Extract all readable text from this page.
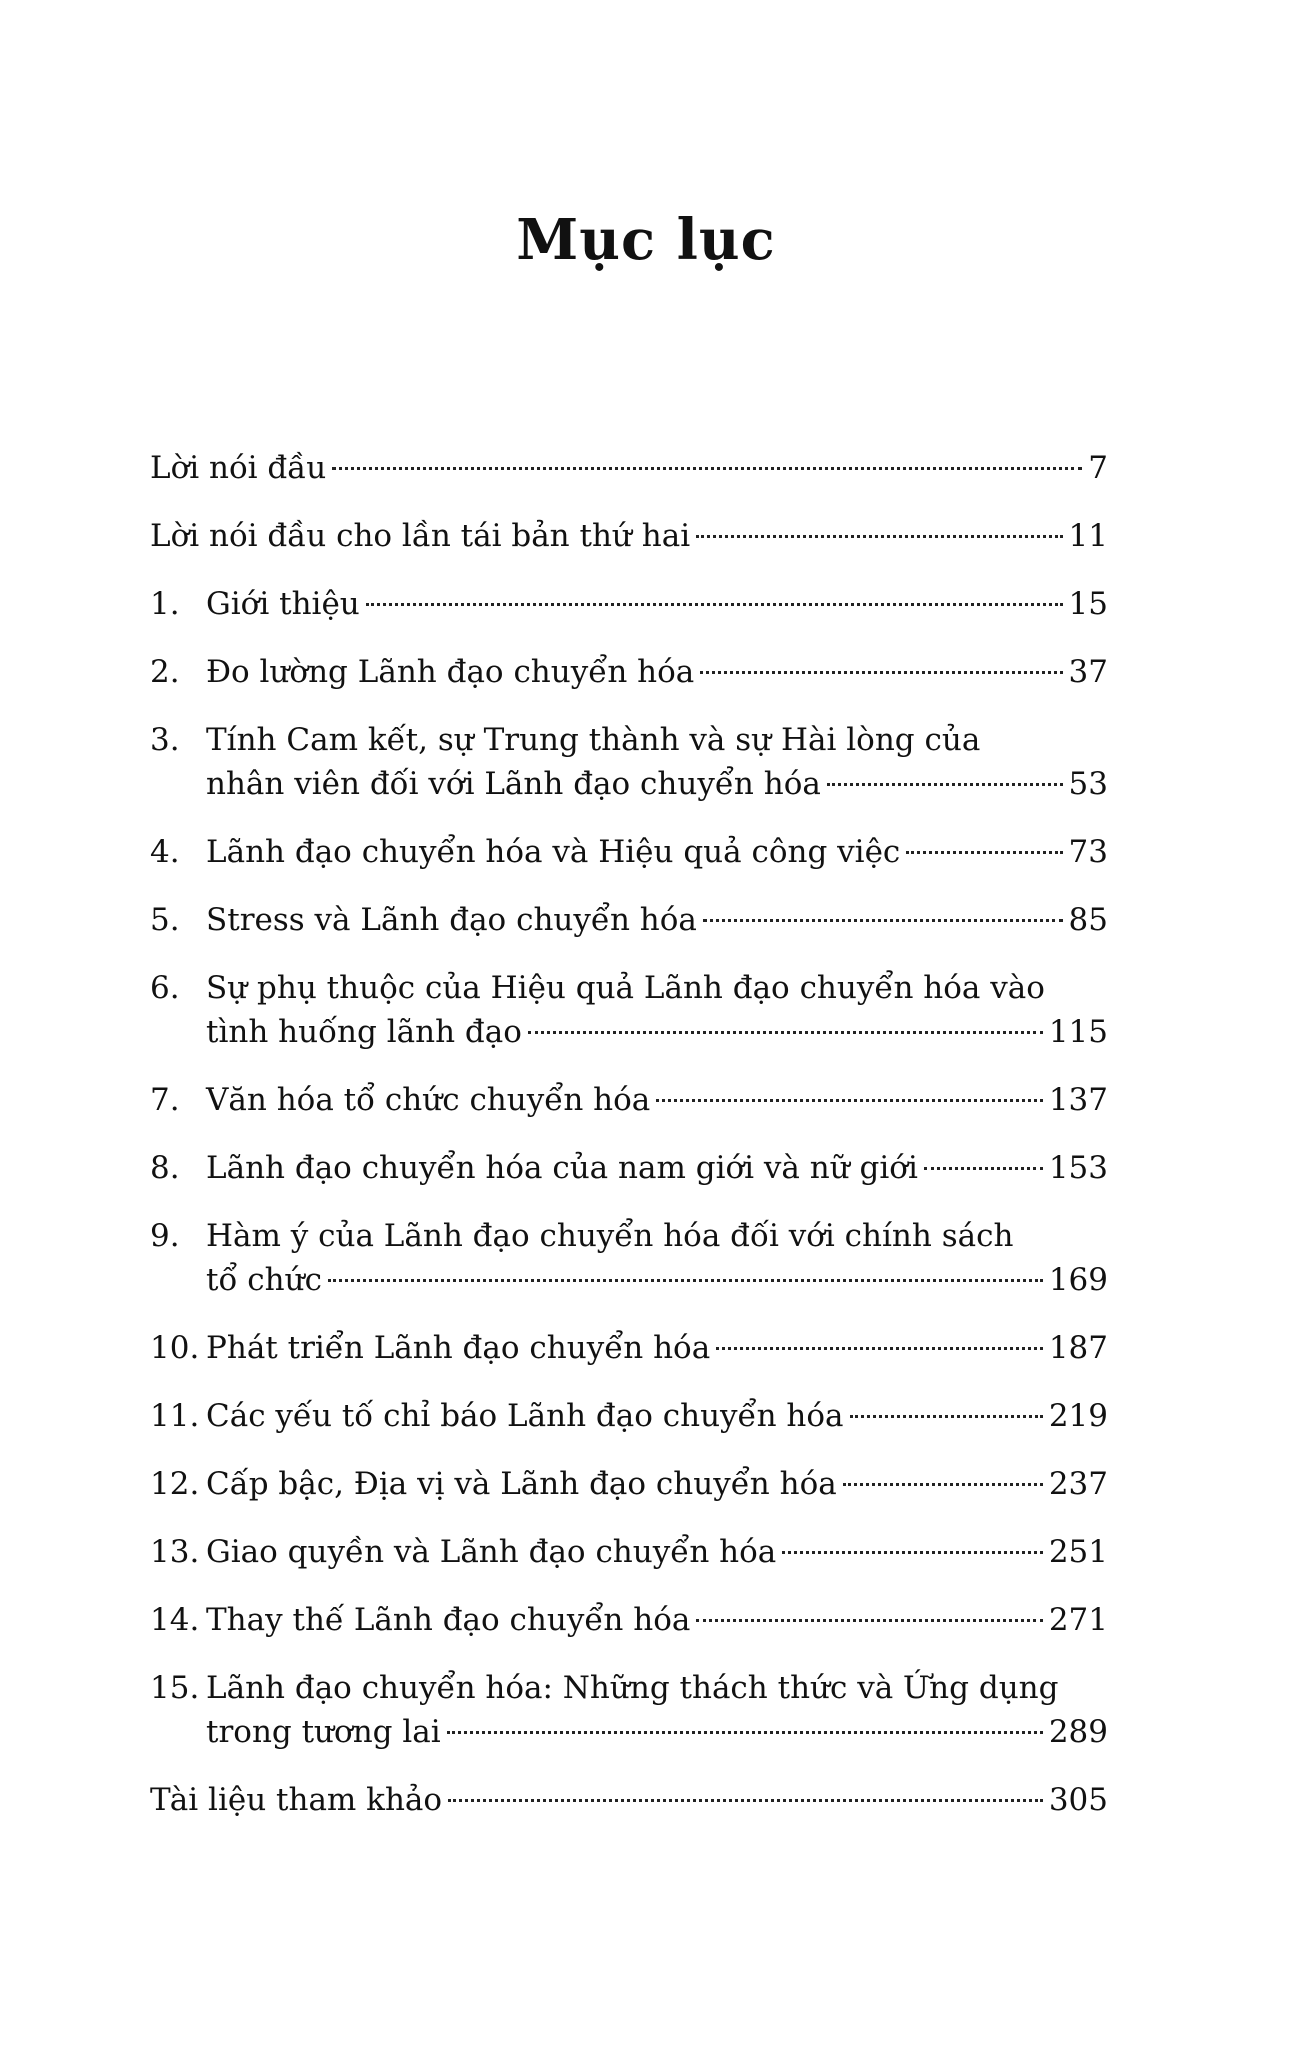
Mục lục
Lời nói đầu	7
Lời nói đầu cho lần tái bản thứ hai	11
1. Giới thiệu	15
2. Đo lường Lãnh đạo chuyển hóa	37
3. Tính Cam kết, sự Trung thành và sự Hài lòng của
nhân viên đối với Lãnh đạo chuyển hóa	53
4. Lãnh đạo chuyển hóa và Hiệu quả công việc	73
5. Stress và Lãnh đạo chuyển hóa	85
6. Sự phụ thuộc của Hiệu quả Lãnh đạo chuyển hóa vào
tình huống lãnh đạo	115
7. Văn hóa tổ chức chuyển hóa	137
8. Lãnh đạo chuyển hóa của nam giới và nữ giới	153
9. Hàm ý của Lãnh đạo chuyển hóa đối với chính sách
tổ chức	169
10. Phát triển Lãnh đạo chuyển hóa	187
11. Các yếu tố chỉ báo Lãnh đạo chuyển hóa	219
12. Cấp bậc, Địa vị và Lãnh đạo chuyển hóa	237
13. Giao quyền và Lãnh đạo chuyển hóa	251
14. Thay thế Lãnh đạo chuyển hóa	271
15. Lãnh đạo chuyển hóa: Những thách thức và Ứng dụng
trong tương lai	289
Tài liệu tham khảo	305
